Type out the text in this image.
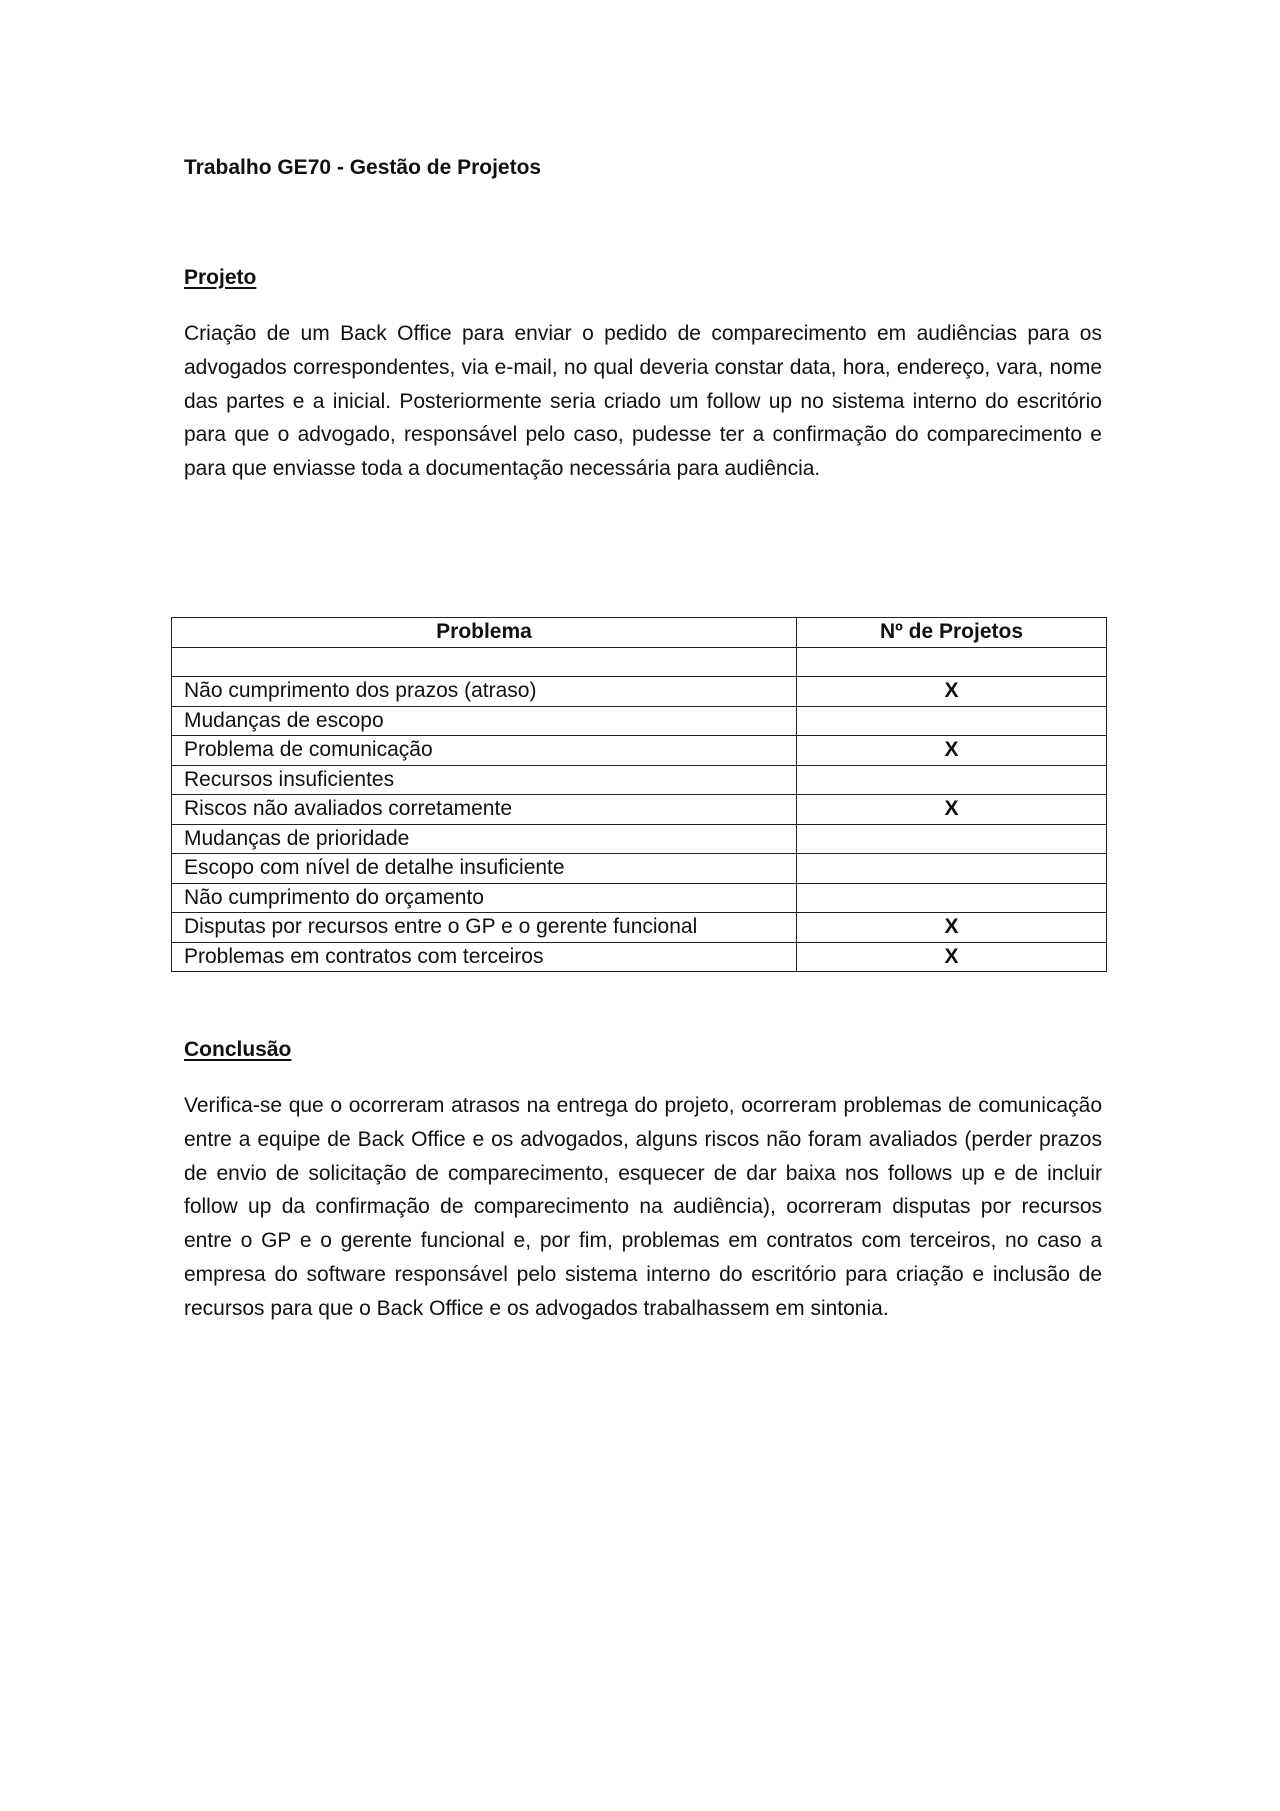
Trabalho GE70 - Gestão de Projetos
Projeto

Criação de um Back Office para enviar o pedido de comparecimento em audiências para os advogados correspondentes, via e-mail, no qual deveria constar data, hora, endereço, vara, nome das partes e a inicial. Posteriormente seria criado um follow up no sistema interno do escritório para que o advogado, responsável pelo caso, pudesse ter a confirmação do comparecimento e para que enviasse toda a documentação necessária para audiência.

Problema	Nº de Projetos

Não cumprimento dos prazos (atraso)	X
Mudanças de escopo	
Problema de comunicação	X
Recursos insuficientes	
Riscos não avaliados corretamente	X
Mudanças de prioridade	
Escopo com nível de detalhe insuficiente	
Não cumprimento do orçamento	
Disputas por recursos entre o GP e o gerente funcional	X
Problemas em contratos com terceiros	X
Conclusão

Verifica-se que o ocorreram atrasos na entrega do projeto, ocorreram problemas de comunicação entre a equipe de Back Office e os advogados, alguns riscos não foram avaliados (perder prazos de envio de solicitação de comparecimento, esquecer de dar baixa nos follows up e de incluir follow up da confirmação de comparecimento na audiência), ocorreram disputas por recursos entre o GP e o gerente funcional e, por fim, problemas em contratos com terceiros, no caso a empresa do software responsável pelo sistema interno do escritório para criação e inclusão de recursos para que o Back Office e os advogados trabalhassem em sintonia.
